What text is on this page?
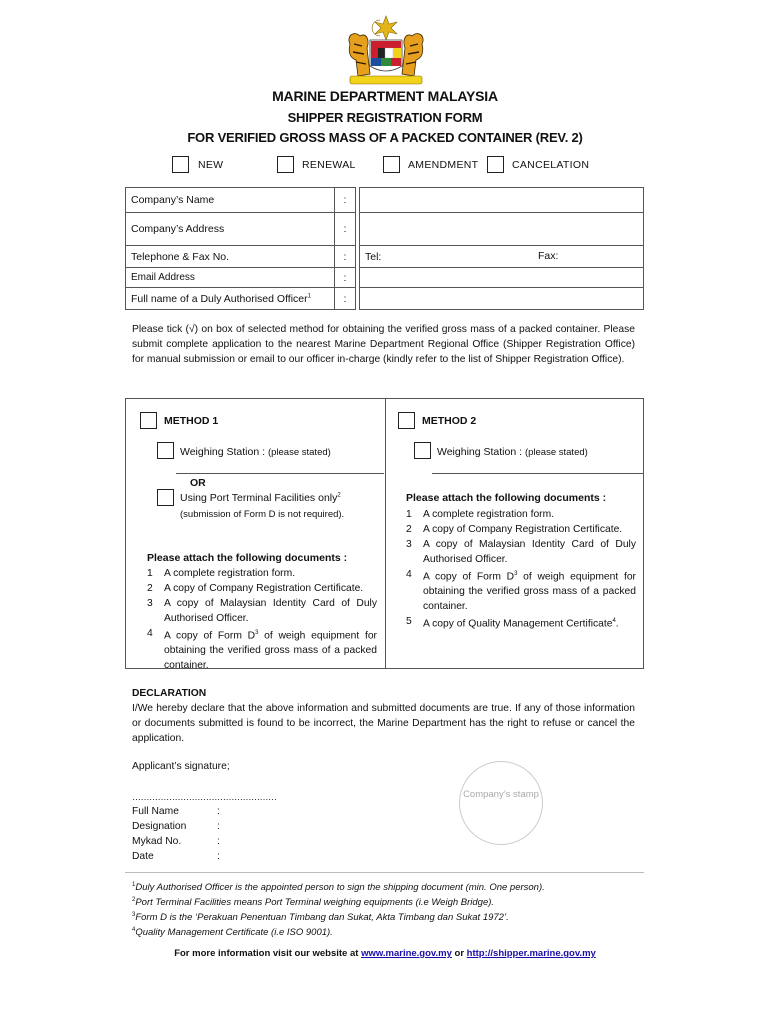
MARINE DEPARTMENT MALAYSIA
SHIPPER REGISTRATION FORM
FOR VERIFIED GROSS MASS OF A PACKED CONTAINER (REV. 2)
NEW	RENEWAL	AMENDMENT	CANCELATION
Company’s Name	:		
Company’s Address	:		
Telephone & Fax No.	:		Tel: Fax:

Email Address	:		
Full name of a Duly Authorised Officer$^1$	:		
Please tick (√) on box of selected method for obtaining the verified gross mass of a packed container. Please submit complete application to the nearest Marine Department Regional Office (Shipper Registration Office) for manual submission or email to our officer in-charge (kindly refer to the list of Shipper Registration Office).
METHOD 1
Weighing Station : (please stated)
OR
Using Port Terminal Facilities only$^2$
(submission of Form D is not required).
Please attach the following documents :
1 A complete registration form.
2 A copy of Company Registration Certificate.
3 A copy of Malaysian Identity Card of Duly Authorised Officer.
4 A copy of Form $D^3$ of weigh equipment for obtaining the verified gross mass of a packed container.
METHOD 2
Weighing Station : (please stated)
Please attach the following documents :
1 A complete registration form.
2 A copy of Company Registration Certificate.
3 A copy of Malaysian Identity Card of Duly Authorised Officer.
4 A copy of Form $D^3$ of weigh equipment for obtaining the verified gross mass of a packed container.
5 A copy of Quality Management Certificate$^4$.
DECLARATION
I/We hereby declare that the above information and submitted documents are true. If any of those information or documents submitted is found to be incorrect, the Marine Department has the right to refuse or cancel the application.
Applicant’s signature;
……………………………………………	Company’s stamp
Full Name	:
Designation	:
Mykad No.	:
Date	:
$^1$Duly Authorised Officer is the appointed person to sign the shipping document (min. One person).
$^2$Port Terminal Facilities means Port Terminal weighing equipments (i.e Weigh Bridge).
$^3$Form D is the ‘Perakuan Penentuan Timbang dan Sukat, Akta Timbang dan Sukat 1972’.
$^4$Quality Management Certificate (i.e ISO 9001).
For more information visit our website at www.marine.gov.my or http://shipper.marine.gov.my
